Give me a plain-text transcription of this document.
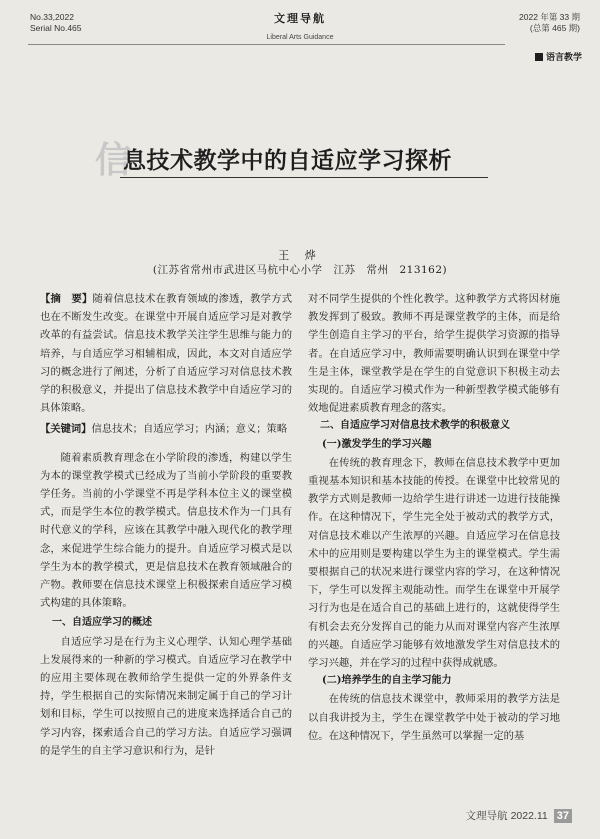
No.33,2022
Serial No.465
文理导航
Liberal Arts Guidance
2022 年第 33 期
(总第 465 期)
语言教学
信
息技术教学中的自适应学习探析
王 烨
(江苏省常州市武进区马杭中心小学　江苏　常州　213162)

【摘　要】随着信息技术在教育领域的渗透，教学方式也在不断发生改变。在课堂中开展自适应学习是对教学改革的有益尝试。信息技术教学关注学生思维与能力的培养，与自适应学习相辅相成，因此，本文对自适应学习的概念进行了阐述，分析了自适应学习对信息技术教学的积极意义，并提出了信息技术教学中自适应学习的具体策略。

【关键词】信息技术；自适应学习；内涵；意义；策略

随着素质教育理念在小学阶段的渗透，构建以学生为本的课堂教学模式已经成为了当前小学阶段的重要教学任务。当前的小学课堂不再是学科本位主义的课堂模式，而是学生本位的教学模式。信息技术作为一门具有时代意义的学科，应该在其教学中融入现代化的教学理念，来促进学生综合能力的提升。自适应学习模式是以学生为本的教学模式，更是信息技术在教育领域融合的产物。教师要在信息技术课堂上积极探索自适应学习模式构建的具体策略。

一、自适应学习的概述

自适应学习是在行为主义心理学、认知心理学基础上发展得来的一种新的学习模式。自适应学习在教学中的应用主要体现在教师给学生提供一定的外界条件支持，学生根据自己的实际情况来制定属于自己的学习计划和目标，学生可以按照自己的进度来选择适合自己的学习内容，探索适合自己的学习方法。自适应学习强调的是学生的自主学习意识和行为，是针

对不同学生提供的个性化教学。这种教学方式将因材施教发挥到了极致。教师不再是课堂教学的主体，而是给学生创造自主学习的平台，给学生提供学习资源的指导者。在自适应学习中，教师需要明确认识到在课堂中学生是主体，课堂教学是在学生的自觉意识下积极主动去实现的。自适应学习模式作为一种新型教学模式能够有效地促进素质教育理念的落实。

二、自适应学习对信息技术教学的积极意义
(一)激发学生的学习兴趣

在传统的教育理念下，教师在信息技术教学中更加重视基本知识和基本技能的传授。在课堂中比较常见的教学方式则是教师一边给学生进行讲述一边进行技能操作。在这种情况下，学生完全处于被动式的教学方式，对信息技术难以产生浓厚的兴趣。自适应学习在信息技术中的应用则是要构建以学生为主的课堂模式。学生需要根据自己的状况来进行课堂内容的学习，在这种情况下，学生可以发挥主观能动性。而学生在课堂中开展学习行为也是在适合自己的基础上进行的，这就使得学生有机会去充分发挥自己的能力从而对课堂内容产生浓厚的兴趣。自适应学习能够有效地激发学生对信息技术的学习兴趣，并在学习的过程中获得成就感。

(二)培养学生的自主学习能力

在传统的信息技术课堂中，教师采用的教学方法是以自我讲授为主，学生在课堂教学中处于被动的学习地位。在这种情况下，学生虽然可以掌握一定的基

文理导航 2022.11 37
